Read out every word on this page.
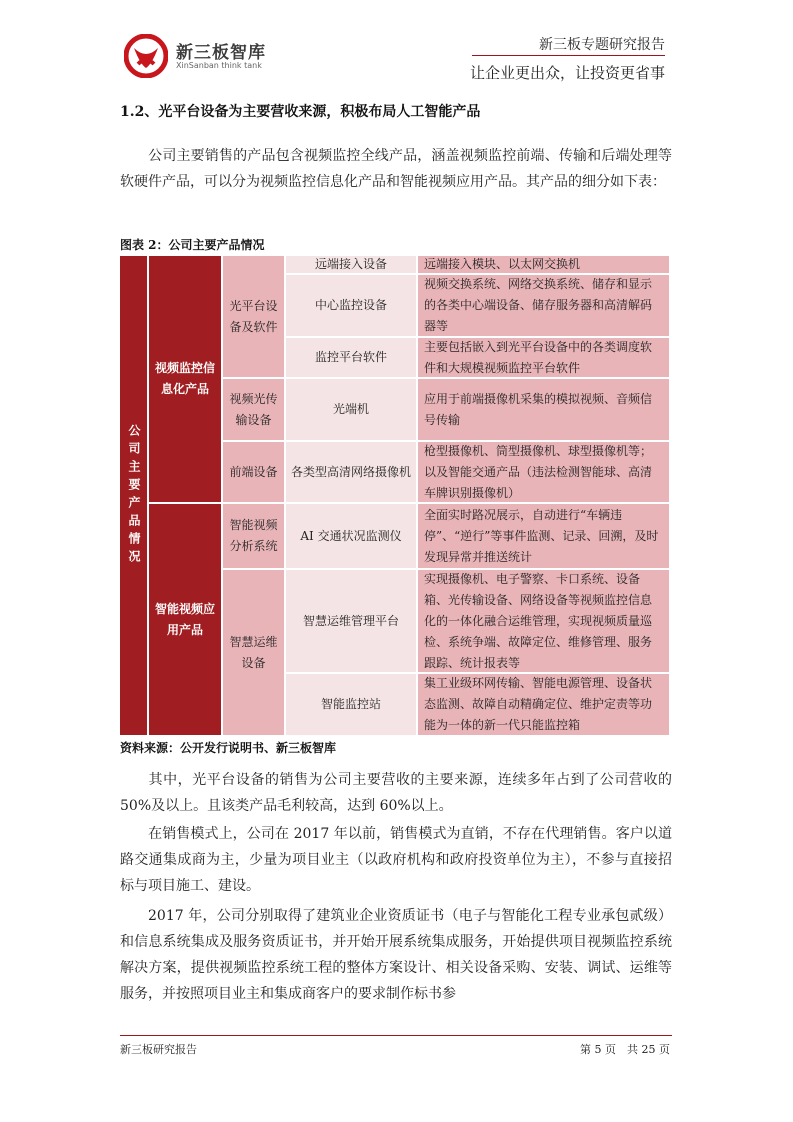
新三板智库
XinSanban think tank
新三板专题研究报告
让企业更出众，让投资更省事
1.2、光平台设备为主要营收来源，积极布局人工智能产品
公司主要销售的产品包含视频监控全线产品，涵盖视频监控前端、传输和后端处理等软硬件产品，可以分为视频监控信息化产品和智能视频应用产品。其产品的细分如下表：
图表 2：公司主要产品情况
公司主要产品情况
视频监控信息化产品
智能视频应用产品
光平台设备及软件
视频光传输设备
前端设备
智能视频分析系统
智慧运维设备
远端接入设备
中心监控设备
监控平台软件
光端机
各类型高清网络摄像机
AI 交通状况监测仪
智慧运维管理平台
智能监控站
远端接入模块、以太网交换机
视频交换系统、网络交换系统、储存和显示的各类中心端设备、储存服务器和高清解码器等
主要包括嵌入到光平台设备中的各类调度软件和大规模视频监控平台软件
应用于前端摄像机采集的模拟视频、音频信号传输
枪型摄像机、筒型摄像机、球型摄像机等；以及智能交通产品（违法检测智能球、高清车牌识别摄像机）
全面实时路况展示，自动进行“车辆违停”、“逆行”等事件监测、记录、回溯，及时发现异常并推送统计
实现摄像机、电子警察、卡口系统、设备箱、光传输设备、网络设备等视频监控信息化的一体化融合运维管理，实现视频质量巡检、系统争端、故障定位、维修管理、服务跟踪、统计报表等
集工业级环网传输、智能电源管理、设备状态监测、故障自动精确定位、维护定责等功能为一体的新一代只能监控箱
资料来源：公开发行说明书、新三板智库
其中，光平台设备的销售为公司主要营收的主要来源，连续多年占到了公司营收的 50%及以上。且该类产品毛利较高，达到 60%以上。
在销售模式上，公司在 2017 年以前，销售模式为直销，不存在代理销售。客户以道路交通集成商为主，少量为项目业主（以政府机构和政府投资单位为主），不参与直接招标与项目施工、建设。
2017 年，公司分别取得了建筑业企业资质证书（电子与智能化工程专业承包贰级）和信息系统集成及服务资质证书，并开始开展系统集成服务，开始提供项目视频监控系统解决方案，提供视频监控系统工程的整体方案设计、相关设备采购、安装、调试、运维等服务，并按照项目业主和集成商客户的要求制作标书参
新三板研究报告	第 5 页　共 25 页
